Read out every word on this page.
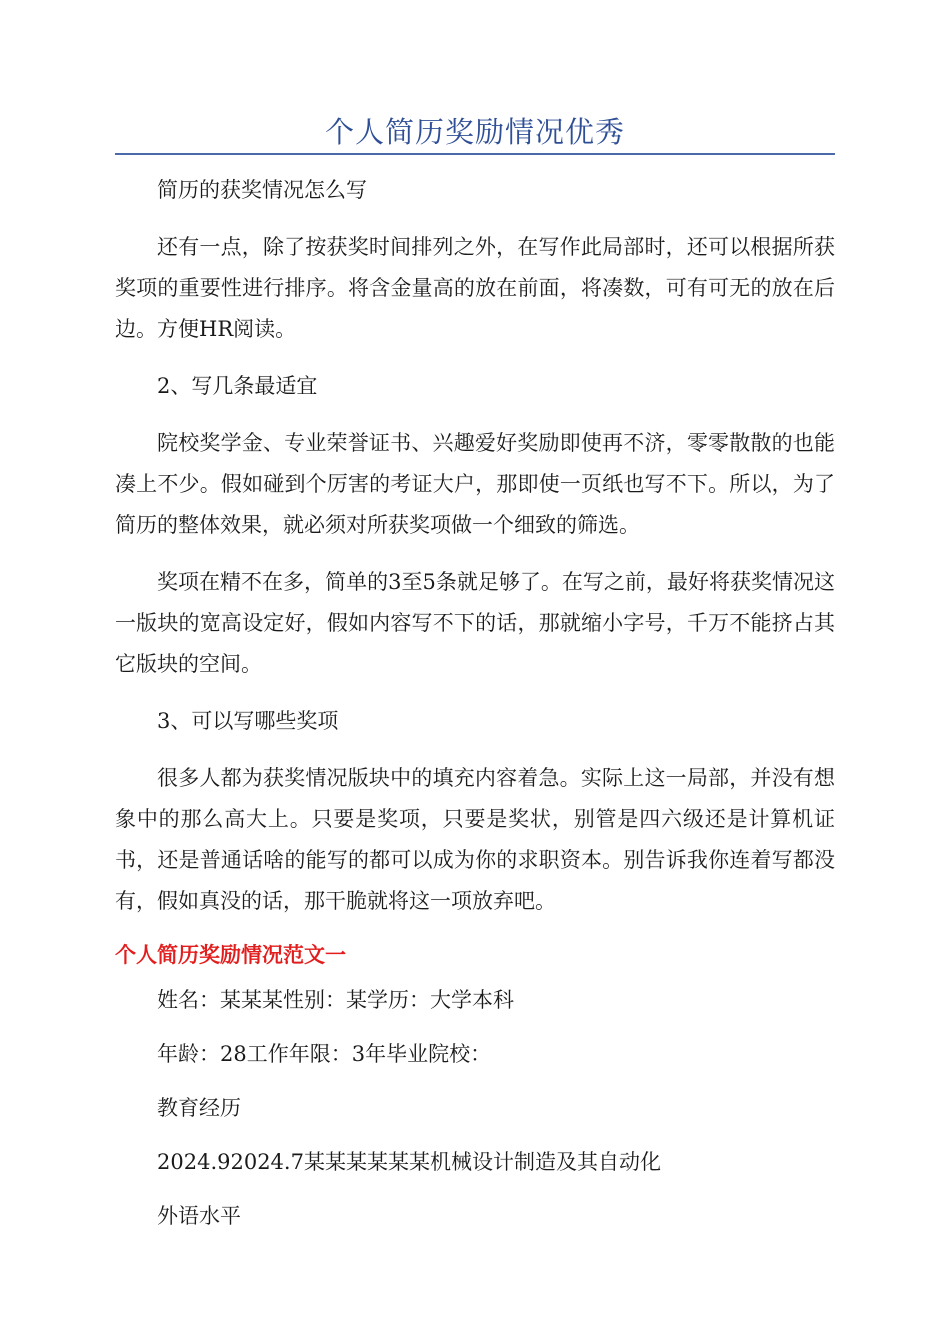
个人简历奖励情况优秀

简历的获奖情况怎么写

还有一点，除了按获奖时间排列之外，在写作此局部时，还可以根据所获奖项的重要性进行排序。将含金量高的放在前面，将凑数，可有可无的放在后边。方便HR阅读。

2、写几条最适宜

院校奖学金、专业荣誉证书、兴趣爱好奖励即使再不济，零零散散的也能凑上不少。假如碰到个厉害的考证大户，那即使一页纸也写不下。所以，为了简历的整体效果，就必须对所获奖项做一个细致的筛选。

奖项在精不在多，简单的3至5条就足够了。在写之前，最好将获奖情况这一版块的宽高设定好，假如内容写不下的话，那就缩小字号，千万不能挤占其它版块的空间。

3、可以写哪些奖项

很多人都为获奖情况版块中的填充内容着急。实际上这一局部，并没有想象中的那么高大上。只要是奖项，只要是奖状，别管是四六级还是计算机证书，还是普通话啥的能写的都可以成为你的求职资本。别告诉我你连着写都没有，假如真没的话，那干脆就将这一项放弃吧。

个人简历奖励情况范文一

姓名：某某某性别：某学历：大学本科

年龄：28工作年限：3年毕业院校：

教育经历

2024.92024.7某某某某某某机械设计制造及其自动化

外语水平
